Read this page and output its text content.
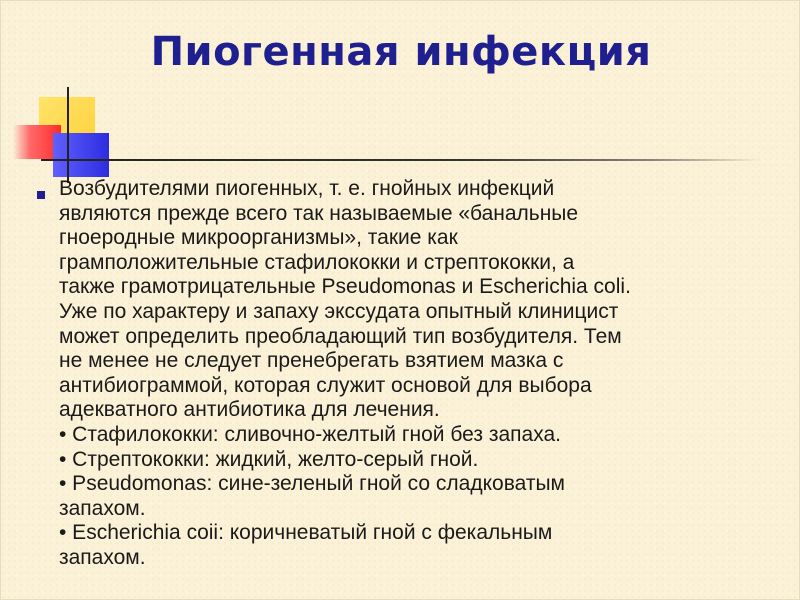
Пиогенная инфекция

Возбудителями пиогенных, т. е. гнойных инфекций

являются прежде всего так называемые «банальные

гноеродные микроорганизмы», такие как

грамположительные стафилококки и стрептококки, а

также грамотрицательные Pseudomonas и Escherichia coli.

Уже по характеру и запаху экссудата опытный клиницист

может определить преобладающий тип возбудителя. Тем

не менее не следует пренебрегать взятием мазка с

антибиограммой, которая служит основой для выбора

адекватного антибиотика для лечения.

• Стафилококки: сливочно-желтый гной без запаха.

• Стрептококки: жидкий, желто-серый гной.

• Pseudomonas: сине-зеленый гной со сладковатым

запахом.

• Escherichia coii: коричневатый гной с фекальным

запахом.
